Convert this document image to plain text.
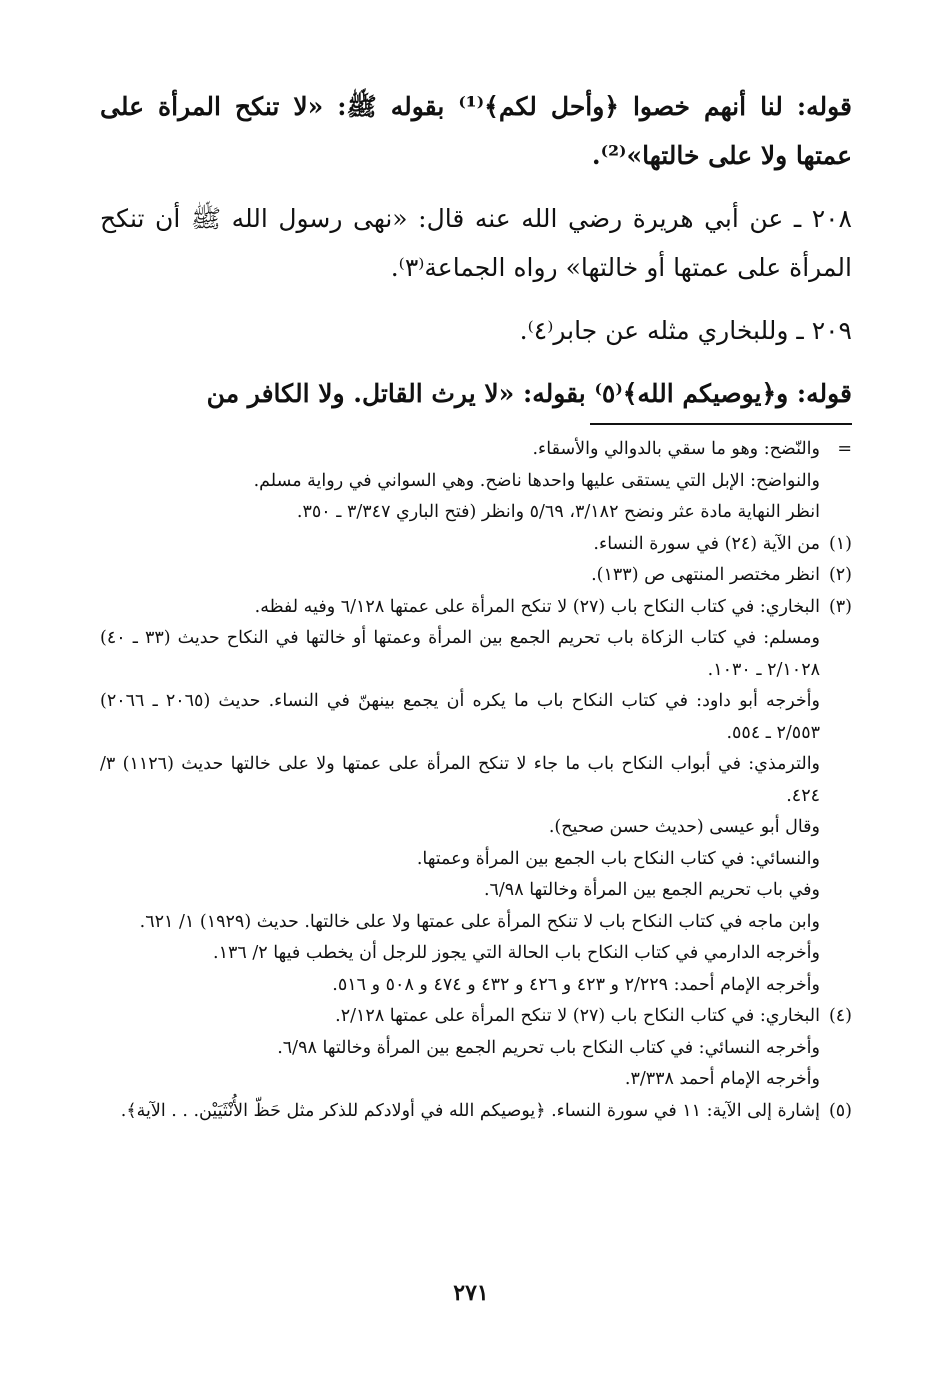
قوله: لنا أنهم خصوا ﴿وأحل لكم﴾⁽¹⁾ بقوله ﷺ: «لا تنكح المرأة على عمتها ولا على خالتها»⁽²⁾.

٢٠٨ ـ عن أبي هريرة رضي الله عنه قال: «نهى رسول الله ﷺ أن تنكح المرأة على عمتها أو خالتها» رواه الجماعة⁽٣⁾.

٢٠٩ ـ وللبخاري مثله عن جابر⁽٤⁾.

قوله: و﴿يوصيكم الله﴾⁽٥⁾ بقوله: «لا يرث القاتل. ولا الكافر من

=
والنّضح: وهو ما سقي بالدوالي والأسقاء.
والنواضح: الإبل التي يستقى عليها واحدها ناضح. وهي السواني في رواية مسلم.
انظر النهاية مادة عثر ونضح ٣/١٨٢، ٥/٦٩ وانظر (فتح الباري ٣/٣٤٧ ـ ٣٥٠.
(١)
من الآية (٢٤) في سورة النساء.
(٢)
انظر مختصر المنتهى ص (١٣٣).
(٣)
البخاري: في كتاب النكاح باب (٢٧) لا تنكح المرأة على عمتها ٦/١٢٨ وفيه لفظه.
ومسلم: في كتاب الزكاة باب تحريم الجمع بين المرأة وعمتها أو خالتها في النكاح حديث (٣٣ ـ ٤٠) ٢/١٠٢٨ ـ ١٠٣٠.
وأخرجه أبو داود: في كتاب النكاح باب ما يكره أن يجمع بينهنّ في النساء. حديث (٢٠٦٥ ـ ٢٠٦٦) ٢/٥٥٣ ـ ٥٥٤.
والترمذي: في أبواب النكاح باب ما جاء لا تنكح المرأة على عمتها ولا على خالتها حديث (١١٢٦) ٣/ ٤٢٤.
وقال أبو عيسى (حديث حسن صحيح).
والنسائي: في كتاب النكاح باب الجمع بين المرأة وعمتها.
وفي باب تحريم الجمع بين المرأة وخالتها ٦/٩٨.
وابن ماجه في كتاب النكاح باب لا تنكح المرأة على عمتها ولا على خالتها. حديث (١٩٢٩) ١/ ٦٢١.
وأخرجه الدارمي في كتاب النكاح باب الحالة التي يجوز للرجل أن يخطب فيها ٢/ ١٣٦.
وأخرجه الإمام أحمد: ٢/٢٢٩ و ٤٢٣ و ٤٢٦ و ٤٣٢ و ٤٧٤ و ٥٠٨ و ٥١٦.
(٤)
البخاري: في كتاب النكاح باب (٢٧) لا تنكح المرأة على عمتها ٢/١٢٨.
وأخرجه النسائي: في كتاب النكاح باب تحريم الجمع بين المرأة وخالتها ٦/٩٨.
وأخرجه الإمام أحمد ٣/٣٣٨.
(٥)
إشارة إلى الآية: ١١ في سورة النساء. ﴿يوصيكم الله في أولادكم للذكر مثل حَظّ الأُنْثَيَيْن. . . الآية﴾.
٢٧١
